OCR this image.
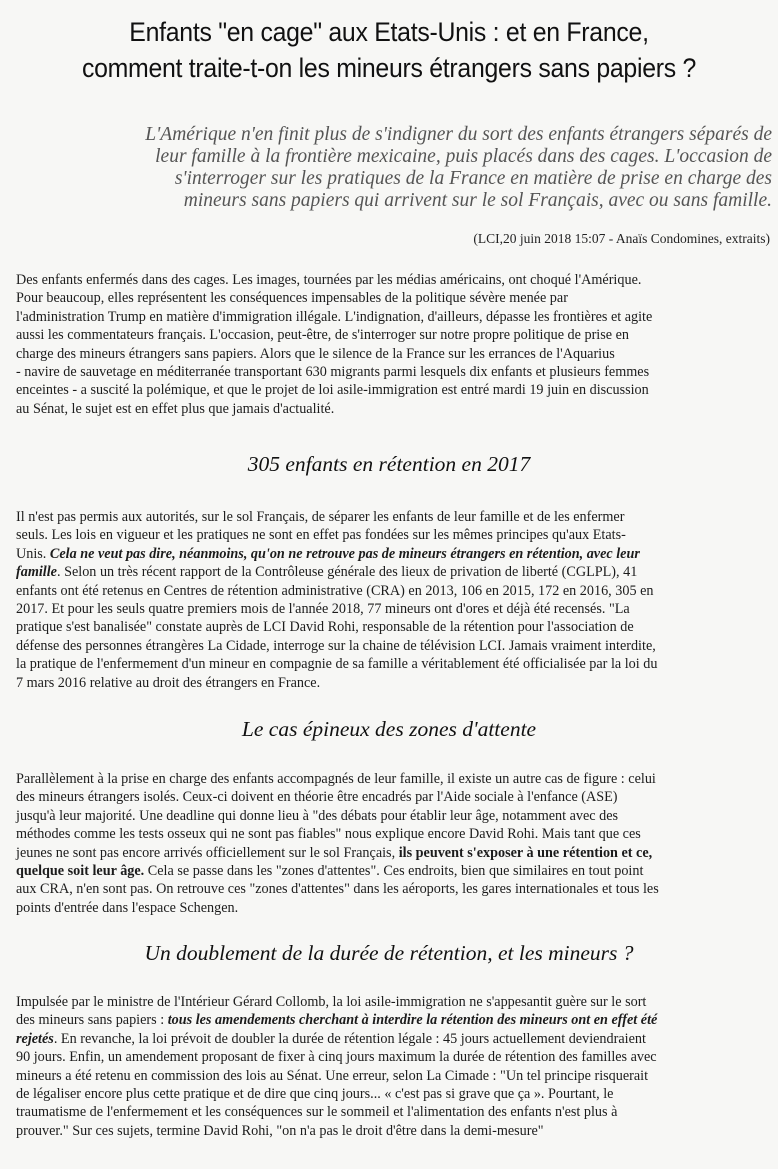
Enfants "en cage" aux Etats-Unis : et en France,
comment traite-t-on les mineurs étrangers sans papiers ?
L'Amérique n'en finit plus de s'indigner du sort des enfants étrangers séparés de
leur famille à la frontière mexicaine, puis placés dans des cages. L'occasion de
s'interroger sur les pratiques de la France en matière de prise en charge des
mineurs sans papiers qui arrivent sur le sol Français, avec ou sans famille.
(LCI,20 juin 2018 15:07 - Anaïs Condomines, extraits)
Des enfants enfermés dans des cages. Les images, tournées par les médias américains, ont choqué l'Amérique.
Pour beaucoup, elles représentent les conséquences impensables de la politique sévère menée par
l'administration Trump en matière d'immigration illégale. L'indignation, d'ailleurs, dépasse les frontières et agite
aussi les commentateurs français. L'occasion, peut-être, de s'interroger sur notre propre politique de prise en
charge des mineurs étrangers sans papiers. Alors que le silence de la France sur les errances de l'Aquarius
- navire de sauvetage en méditerranée transportant 630 migrants parmi lesquels dix enfants et plusieurs femmes
enceintes - a suscité la polémique, et que le projet de loi asile-immigration est entré mardi 19 juin en discussion
au Sénat, le sujet est en effet plus que jamais d'actualité.
305 enfants en rétention en 2017
Il n'est pas permis aux autorités, sur le sol Français, de séparer les enfants de leur famille et de les enfermer
seuls. Les lois en vigueur et les pratiques ne sont en effet pas fondées sur les mêmes principes qu'aux Etats-
Unis. Cela ne veut pas dire, néanmoins, qu'on ne retrouve pas de mineurs étrangers en rétention, avec leur
famille. Selon un très récent rapport de la Contrôleuse générale des lieux de privation de liberté (CGLPL), 41
enfants ont été retenus en Centres de rétention administrative (CRA) en 2013, 106 en 2015, 172 en 2016, 305 en
2017. Et pour les seuls quatre premiers mois de l'année 2018, 77 mineurs ont d'ores et déjà été recensés. "La
pratique s'est banalisée" constate auprès de LCI David Rohi, responsable de la rétention pour l'association de
défense des personnes étrangères La Cidade, interroge sur la chaine de télévision LCI. Jamais vraiment interdite,
la pratique de l'enfermement d'un mineur en compagnie de sa famille a véritablement été officialisée par la loi du
7 mars 2016 relative au droit des étrangers en France.
Le cas épineux des zones d'attente
Parallèlement à la prise en charge des enfants accompagnés de leur famille, il existe un autre cas de figure : celui
des mineurs étrangers isolés. Ceux-ci doivent en théorie être encadrés par l'Aide sociale à l'enfance (ASE)
jusqu'à leur majorité. Une deadline qui donne lieu à "des débats pour établir leur âge, notamment avec des
méthodes comme les tests osseux qui ne sont pas fiables" nous explique encore David Rohi. Mais tant que ces
jeunes ne sont pas encore arrivés officiellement sur le sol Français, ils peuvent s'exposer à une rétention et ce,
quelque soit leur âge. Cela se passe dans les "zones d'attentes". Ces endroits, bien que similaires en tout point
aux CRA, n'en sont pas. On retrouve ces "zones d'attentes" dans les aéroports, les gares internationales et tous les
points d'entrée dans l'espace Schengen.
Un doublement de la durée de rétention, et les mineurs ?
Impulsée par le ministre de l'Intérieur Gérard Collomb, la loi asile-immigration ne s'appesantit guère sur le sort
des mineurs sans papiers : tous les amendements cherchant à interdire la rétention des mineurs ont en effet été
rejetés. En revanche, la loi prévoit de doubler la durée de rétention légale : 45 jours actuellement deviendraient
90 jours. Enfin, un amendement proposant de fixer à cinq jours maximum la durée de rétention des familles avec
mineurs a été retenu en commission des lois au Sénat. Une erreur, selon La Cimade : "Un tel principe risquerait
de légaliser encore plus cette pratique et de dire que cinq jours... « c'est pas si grave que ça ». Pourtant, le
traumatisme de l'enfermement et les conséquences sur le sommeil et l'alimentation des enfants n'est plus à
prouver." Sur ces sujets, termine David Rohi, "on n'a pas le droit d'être dans la demi-mesure"
